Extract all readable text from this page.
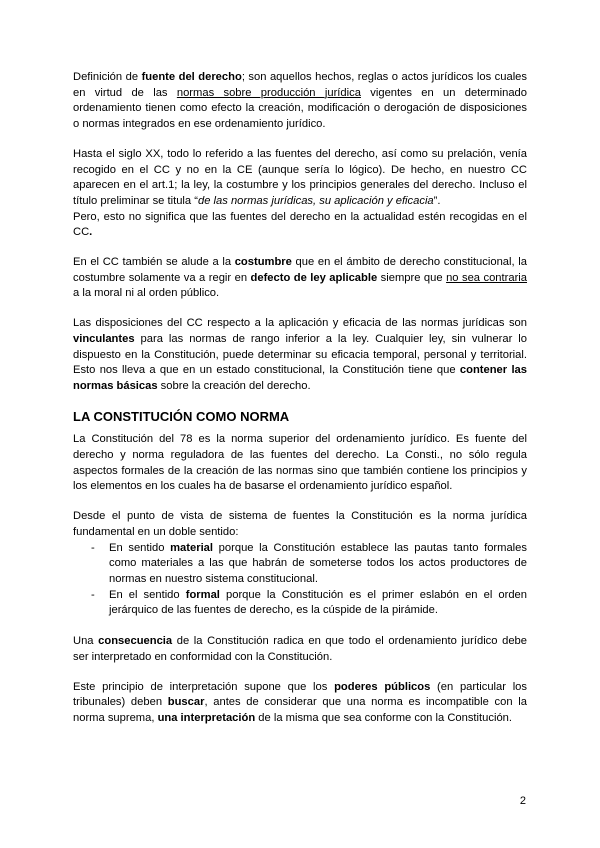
Definición de fuente del derecho; son aquellos hechos, reglas o actos jurídicos los cuales en virtud de las normas sobre producción jurídica vigentes en un determinado ordenamiento tienen como efecto la creación, modificación o derogación de disposiciones o normas integrados en ese ordenamiento jurídico.

Hasta el siglo XX, todo lo referido a las fuentes del derecho, así como su prelación, venía recogido en el CC y no en la CE (aunque sería lo lógico). De hecho, en nuestro CC aparecen en el art.1; la ley, la costumbre y los principios generales del derecho. Incluso el título preliminar se titula “de las normas jurídicas, su aplicación y eficacia”.
Pero, esto no significa que las fuentes del derecho en la actualidad estén recogidas en el CC.

En el CC también se alude a la costumbre que en el ámbito de derecho constitucional, la costumbre solamente va a regir en defecto de ley aplicable siempre que no sea contraria a la moral ni al orden público.

Las disposiciones del CC respecto a la aplicación y eficacia de las normas jurídicas son vinculantes para las normas de rango inferior a la ley. Cualquier ley, sin vulnerar lo dispuesto en la Constitución, puede determinar su eficacia temporal, personal y territorial. Esto nos lleva a que en un estado constitucional, la Constitución tiene que contener las normas básicas sobre la creación del derecho.

LA CONSTITUCIÓN COMO NORMA

La Constitución del 78 es la norma superior del ordenamiento jurídico. Es fuente del derecho y norma reguladora de las fuentes del derecho. La Consti., no sólo regula aspectos formales de la creación de las normas sino que también contiene los principios y los elementos en los cuales ha de basarse el ordenamiento jurídico español.

Desde el punto de vista de sistema de fuentes la Constitución es la norma jurídica fundamental en un doble sentido:

- En sentido material porque la Constitución establece las pautas tanto formales como materiales a las que habrán de someterse todos los actos productores de normas en nuestro sistema constitucional.
- En el sentido formal porque la Constitución es el primer eslabón en el orden jerárquico de las fuentes de derecho, es la cúspide de la pirámide.

Una consecuencia de la Constitución radica en que todo el ordenamiento jurídico debe ser interpretado en conformidad con la Constitución.

Este principio de interpretación supone que los poderes públicos (en particular los tribunales) deben buscar, antes de considerar que una norma es incompatible con la norma suprema, una interpretación de la misma que sea conforme con la Constitución.

2
